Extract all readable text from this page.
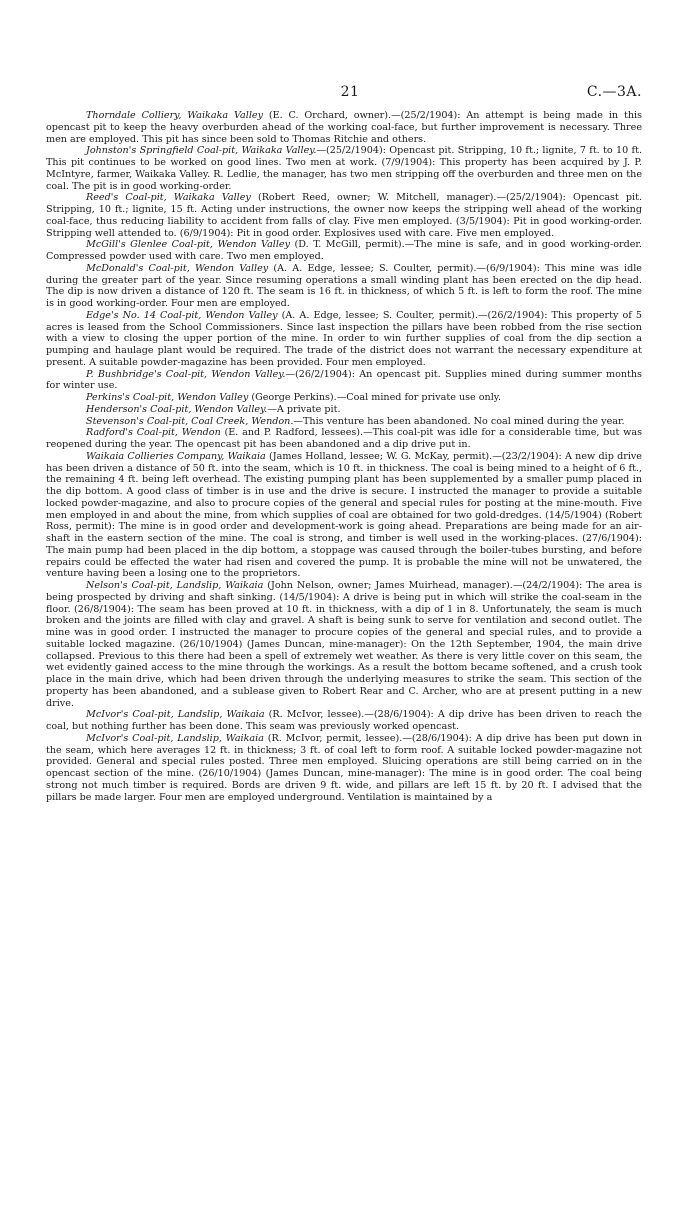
21	C.—3A.

Thorndale Colliery, Waikaka Valley (E. C. Orchard, owner).—(25/2/1904): An attempt is being made in this opencast pit to keep the heavy overburden ahead of the working coal-face, but further improvement is necessary. Three men are employed. This pit has since been sold to Thomas Ritchie and others.

Johnston's Springfield Coal-pit, Waikaka Valley.—(25/2/1904): Opencast pit. Stripping, 10 ft.; lignite, 7 ft. to 10 ft. This pit continues to be worked on good lines. Two men at work. (7/9/1904): This property has been acquired by J. P. McIntyre, farmer, Waikaka Valley. R. Ledlie, the manager, has two men stripping off the overburden and three men on the coal. The pit is in good working-order.

Reed's Coal-pit, Waikaka Valley (Robert Reed, owner; W. Mitchell, manager).—(25/2/1904): Opencast pit. Stripping, 10 ft.; lignite, 15 ft. Acting under instructions, the owner now keeps the stripping well ahead of the working coal-face, thus reducing liability to accident from falls of clay. Five men employed. (3/5/1904): Pit in good working-order. Stripping well attended to. (6/9/1904): Pit in good order. Explosives used with care. Five men employed.

McGill's Glenlee Coal-pit, Wendon Valley (D. T. McGill, permit).—The mine is safe, and in good working-order. Compressed powder used with care. Two men employed.

McDonald's Coal-pit, Wendon Valley (A. A. Edge, lessee; S. Coulter, permit).—(6/9/1904): This mine was idle during the greater part of the year. Since resuming operations a small winding plant has been erected on the dip head. The dip is now driven a distance of 120 ft. The seam is 16 ft. in thickness, of which 5 ft. is left to form the roof. The mine is in good working-order. Four men are employed.

Edge's No. 14 Coal-pit, Wendon Valley (A. A. Edge, lessee; S. Coulter, permit).—(26/2/1904): This property of 5 acres is leased from the School Commissioners. Since last inspection the pillars have been robbed from the rise section with a view to closing the upper portion of the mine. In order to win further supplies of coal from the dip section a pumping and haulage plant would be required. The trade of the district does not warrant the necessary expenditure at present. A suitable powder-magazine has been provided. Four men employed.

P. Bushbridge's Coal-pit, Wendon Valley.—(26/2/1904): An opencast pit. Supplies mined during summer months for winter use.

Perkins's Coal-pit, Wendon Valley (George Perkins).—Coal mined for private use only.

Henderson's Coal-pit, Wendon Valley.—A private pit.

Stevenson's Coal-pit, Coal Creek, Wendon.—This venture has been abandoned. No coal mined during the year.

Radford's Coal-pit, Wendon (E. and P. Radford, lessees).—This coal-pit was idle for a considerable time, but was reopened during the year. The opencast pit has been abandoned and a dip drive put in.

Waikaia Collieries Company, Waikaia (James Holland, lessee; W. G. McKay, permit).—(23/2/1904): A new dip drive has been driven a distance of 50 ft. into the seam, which is 10 ft. in thickness. The coal is being mined to a height of 6 ft., the remaining 4 ft. being left overhead. The existing pumping plant has been supplemented by a smaller pump placed in the dip bottom. A good class of timber is in use and the drive is secure. I instructed the manager to provide a suitable locked powder-magazine, and also to procure copies of the general and special rules for posting at the mine-mouth. Five men employed in and about the mine, from which supplies of coal are obtained for two gold-dredges. (14/5/1904) (Robert Ross, permit): The mine is in good order and development-work is going ahead. Preparations are being made for an air-shaft in the eastern section of the mine. The coal is strong, and timber is well used in the working-places. (27/6/1904): The main pump had been placed in the dip bottom, a stoppage was caused through the boiler-tubes bursting, and before repairs could be effected the water had risen and covered the pump. It is probable the mine will not be unwatered, the venture having been a losing one to the proprietors.

Nelson's Coal-pit, Landslip, Waikaia (John Nelson, owner; James Muirhead, manager).—(24/2/1904): The area is being prospected by driving and shaft sinking. (14/5/1904): A drive is being put in which will strike the coal-seam in the floor. (26/8/1904): The seam has been proved at 10 ft. in thickness, with a dip of 1 in 8. Unfortunately, the seam is much broken and the joints are filled with clay and gravel. A shaft is being sunk to serve for ventilation and second outlet. The mine was in good order. I instructed the manager to procure copies of the general and special rules, and to provide a suitable locked magazine. (26/10/1904) (James Duncan, mine-manager): On the 12th September, 1904, the main drive collapsed. Previous to this there had been a spell of extremely wet weather. As there is very little cover on this seam, the wet evidently gained access to the mine through the workings. As a result the bottom became softened, and a crush took place in the main drive, which had been driven through the underlying measures to strike the seam. This section of the property has been abandoned, and a sublease given to Robert Rear and C. Archer, who are at present putting in a new drive.

McIvor's Coal-pit, Landslip, Waikaia (R. McIvor, lessee).—(28/6/1904): A dip drive has been driven to reach the coal, but nothing further has been done. This seam was previously worked opencast.

McIvor's Coal-pit, Landslip, Waikaia (R. McIvor, permit, lessee).—(28/6/1904): A dip drive has been put down in the seam, which here averages 12 ft. in thickness; 3 ft. of coal left to form roof. A suitable locked powder-magazine not provided. General and special rules posted. Three men employed. Sluicing operations are still being carried on in the opencast section of the mine. (26/10/1904) (James Duncan, mine-manager): The mine is in good order. The coal being strong not much timber is required. Bords are driven 9 ft. wide, and pillars are left 15 ft. by 20 ft. I advised that the pillars be made larger. Four men are employed underground. Ventilation is maintained by a
